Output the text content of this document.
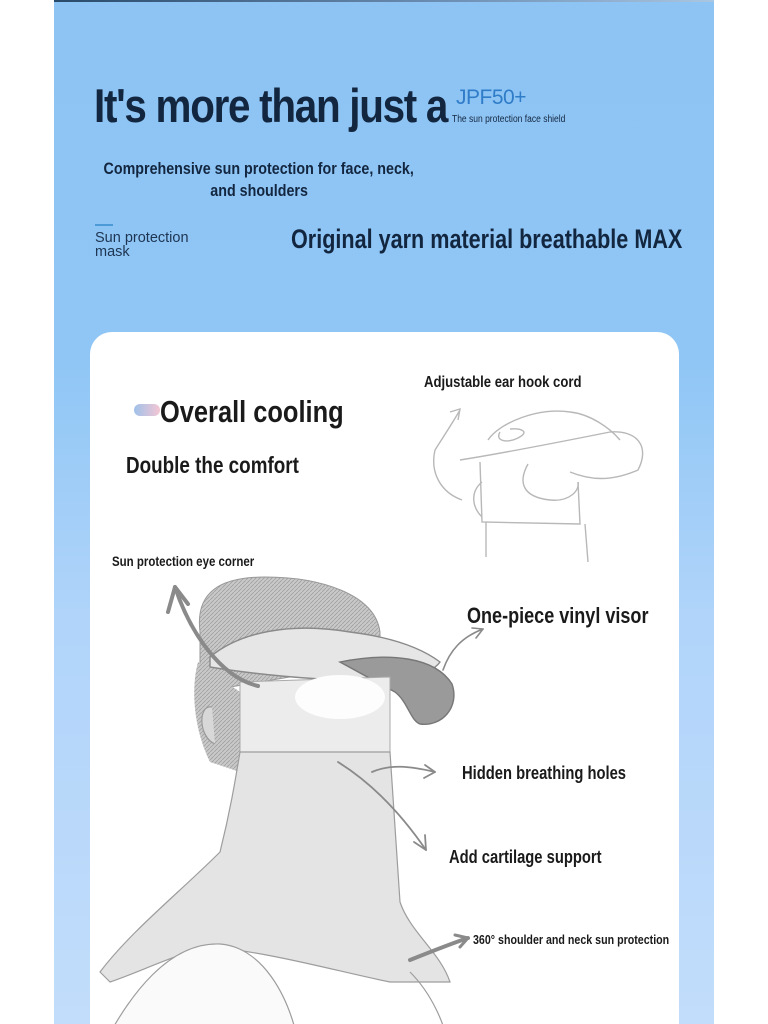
It's more than just a JPF50+
The sun protection face shield
Comprehensive sun protection for face, neck,
and shoulders
Sun protection
mask	Original yarn material breathable MAX
Overall cooling
Double the comfort
Adjustable ear hook cord
Sun protection eye corner
One-piece vinyl visor
Hidden breathing holes
Add cartilage support
360° shoulder and neck sun protection
